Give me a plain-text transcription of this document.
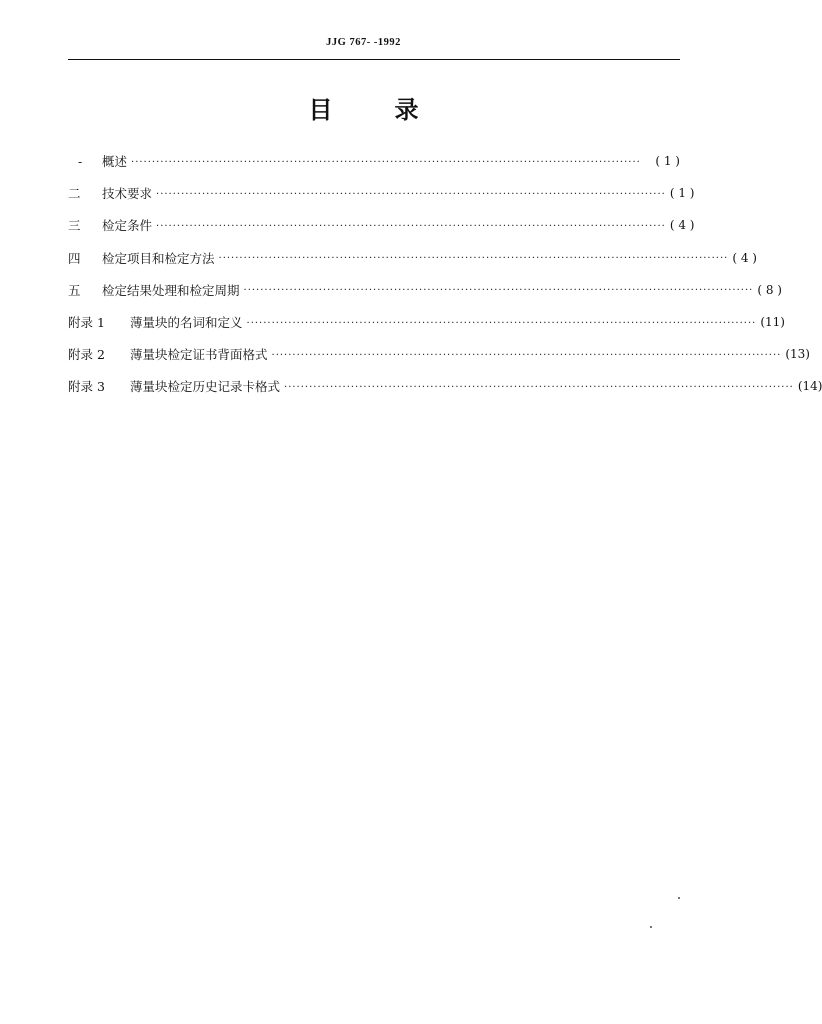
JJG 767- -1992
目	录
-	概述 ··························································································································	( 1 )
二	技术要求 ·························································································································· ( 1 )
三	检定条件 ·························································································································· ( 4 )
四	检定项目和检定方法 ·························································································································· ( 4 )
五	检定结果处理和检定周期 ·························································································································· ( 8 )
附录 1	薄量块的名词和定义 ·························································································································· (11)
附录 2	薄量块检定证书背面格式 ·························································································································· (13)
附录 3	薄量块检定历史记录卡格式 ·························································································································· (14)
